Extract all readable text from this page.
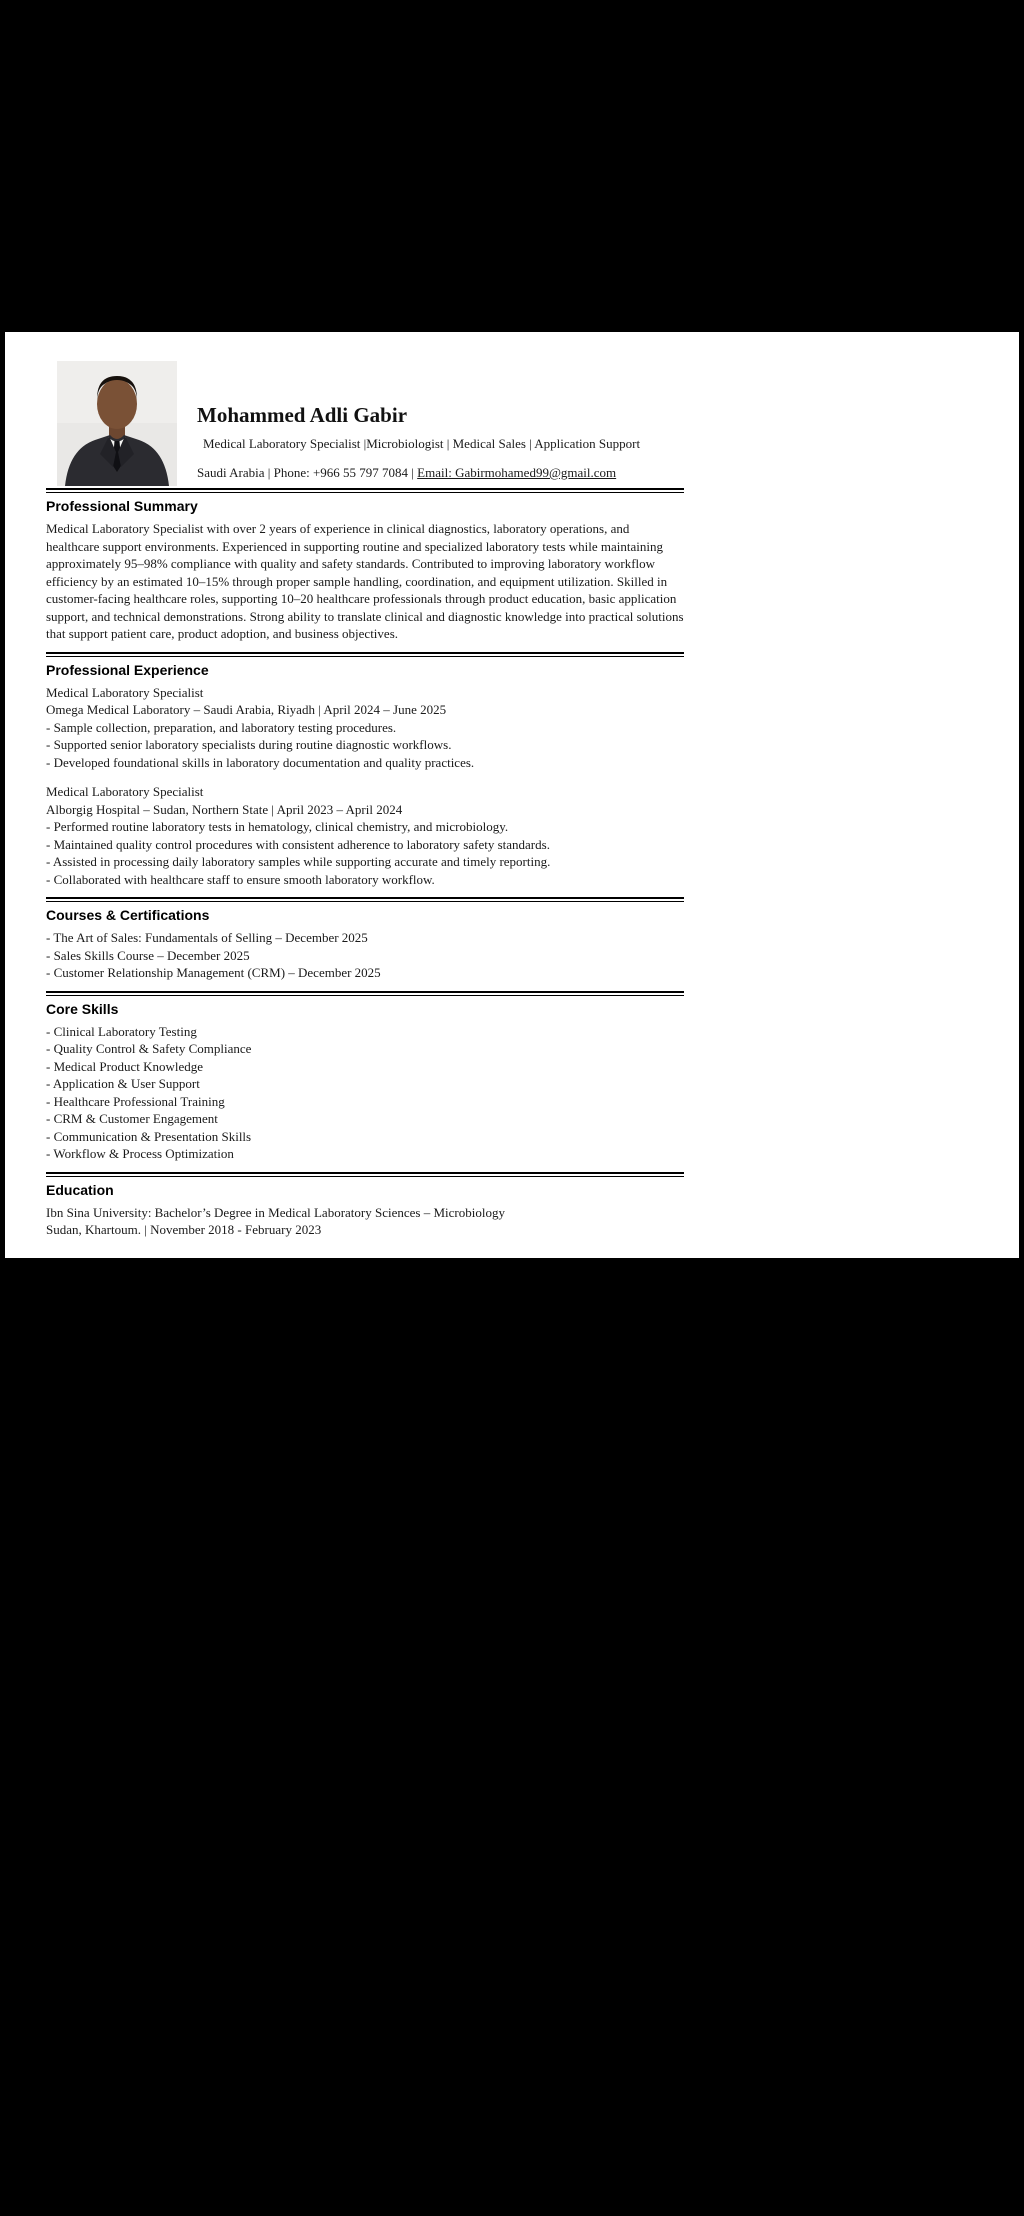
Mohammed Adli Gabir
Medical Laboratory Specialist |Microbiologist | Medical Sales | Application Support
Saudi Arabia | Phone: +966 55 797 7084 | Email: Gabirmohamed99@gmail.com
Professional Summary

Medical Laboratory Specialist with over 2 years of experience in clinical diagnostics, laboratory operations, and healthcare support environments. Experienced in supporting routine and specialized laboratory tests while maintaining approximately 95–98% compliance with quality and safety standards. Contributed to improving laboratory workflow efficiency by an estimated 10–15% through proper sample handling, coordination, and equipment utilization. Skilled in customer-facing healthcare roles, supporting 10–20 healthcare professionals through product education, basic application support, and technical demonstrations. Strong ability to translate clinical and diagnostic knowledge into practical solutions that support patient care, product adoption, and business objectives.

Professional Experience
Medical Laboratory Specialist
Omega Medical Laboratory – Saudi Arabia, Riyadh | April 2024 – June 2025
- Sample collection, preparation, and laboratory testing procedures.
- Supported senior laboratory specialists during routine diagnostic workflows.
- Developed foundational skills in laboratory documentation and quality practices.
Medical Laboratory Specialist
Alborgig Hospital – Sudan, Northern State | April 2023 – April 2024
- Performed routine laboratory tests in hematology, clinical chemistry, and microbiology.
- Maintained quality control procedures with consistent adherence to laboratory safety standards.
- Assisted in processing daily laboratory samples while supporting accurate and timely reporting.
- Collaborated with healthcare staff to ensure smooth laboratory workflow.
Courses & Certifications
- The Art of Sales: Fundamentals of Selling – December 2025
- Sales Skills Course – December 2025
- Customer Relationship Management (CRM) – December 2025
Core Skills
- Clinical Laboratory Testing
- Quality Control & Safety Compliance
- Medical Product Knowledge
- Application & User Support
- Healthcare Professional Training
- CRM & Customer Engagement
- Communication & Presentation Skills
- Workflow & Process Optimization
Education
Ibn Sina University: Bachelor’s Degree in Medical Laboratory Sciences – Microbiology
Sudan, Khartoum. | November 2018 - February 2023
